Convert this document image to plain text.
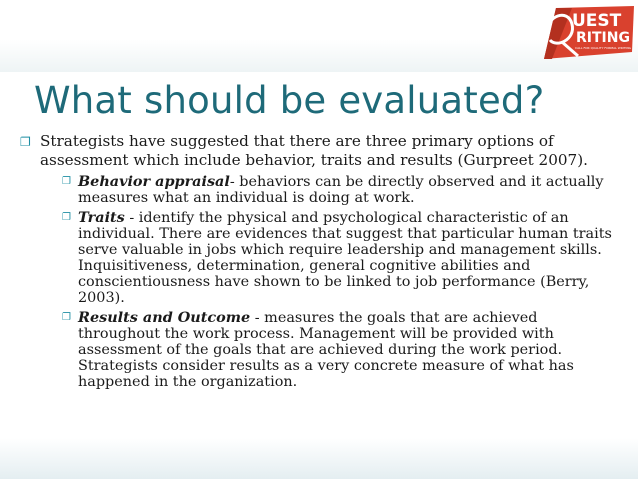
UEST
RITING
CALL FOR QUALITY FORMAL WRITING
What should be evaluated?
❐ Strategists have suggested that there are three primary options of assessment which include behavior, traits and results (Gurpreet 2007).
❐ Behavior appraisal- behaviors can be directly observed and it actually measures what an individual is doing at work.
❐ Traits - identify the physical and psychological characteristic of an individual. There are evidences that suggest that particular human traits serve valuable in jobs which require leadership and management skills. Inquisitiveness, determination, general cognitive abilities and conscientiousness have shown to be linked to job performance (Berry, 2003).
❐ Results and Outcome - measures the goals that are achieved throughout the work process. Management will be provided with assessment of the goals that are achieved during the work period. Strategists consider results as a very concrete measure of what has happened in the organization.
